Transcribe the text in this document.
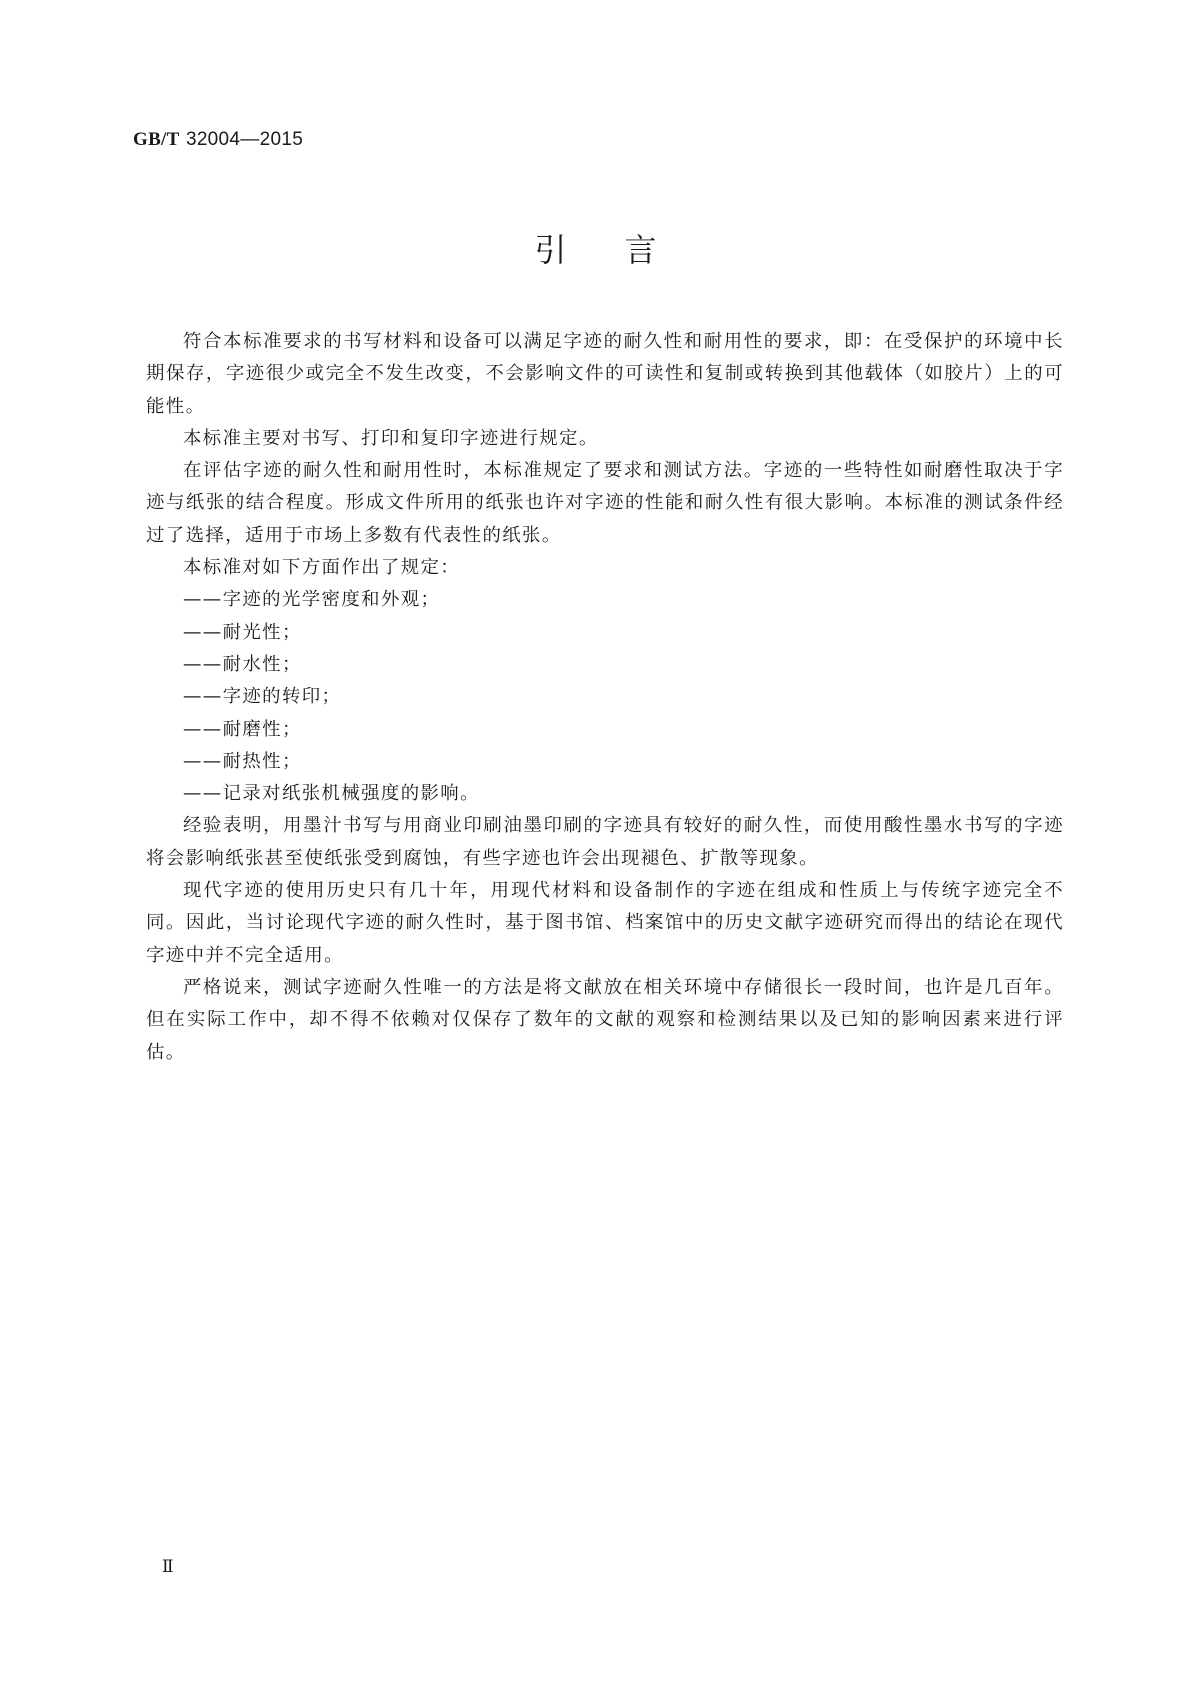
GB/T 32004—2015
引言

符合本标准要求的书写材料和设备可以满足字迹的耐久性和耐用性的要求，即：在受保护的环境中长期保存，字迹很少或完全不发生改变，不会影响文件的可读性和复制或转换到其他载体（如胶片）上的可能性。

本标准主要对书写、打印和复印字迹进行规定。

在评估字迹的耐久性和耐用性时，本标准规定了要求和测试方法。字迹的一些特性如耐磨性取决于字迹与纸张的结合程度。形成文件所用的纸张也许对字迹的性能和耐久性有很大影响。本标准的测试条件经过了选择，适用于市场上多数有代表性的纸张。

本标准对如下方面作出了规定：

——字迹的光学密度和外观；

——耐光性；

——耐水性；

——字迹的转印；

——耐磨性；

——耐热性；

——记录对纸张机械强度的影响。

经验表明，用墨汁书写与用商业印刷油墨印刷的字迹具有较好的耐久性，而使用酸性墨水书写的字迹将会影响纸张甚至使纸张受到腐蚀，有些字迹也许会出现褪色、扩散等现象。

现代字迹的使用历史只有几十年，用现代材料和设备制作的字迹在组成和性质上与传统字迹完全不同。因此，当讨论现代字迹的耐久性时，基于图书馆、档案馆中的历史文献字迹研究而得出的结论在现代字迹中并不完全适用。

严格说来，测试字迹耐久性唯一的方法是将文献放在相关环境中存储很长一段时间，也许是几百年。但在实际工作中，却不得不依赖对仅保存了数年的文献的观察和检测结果以及已知的影响因素来进行评估。

Ⅱ
